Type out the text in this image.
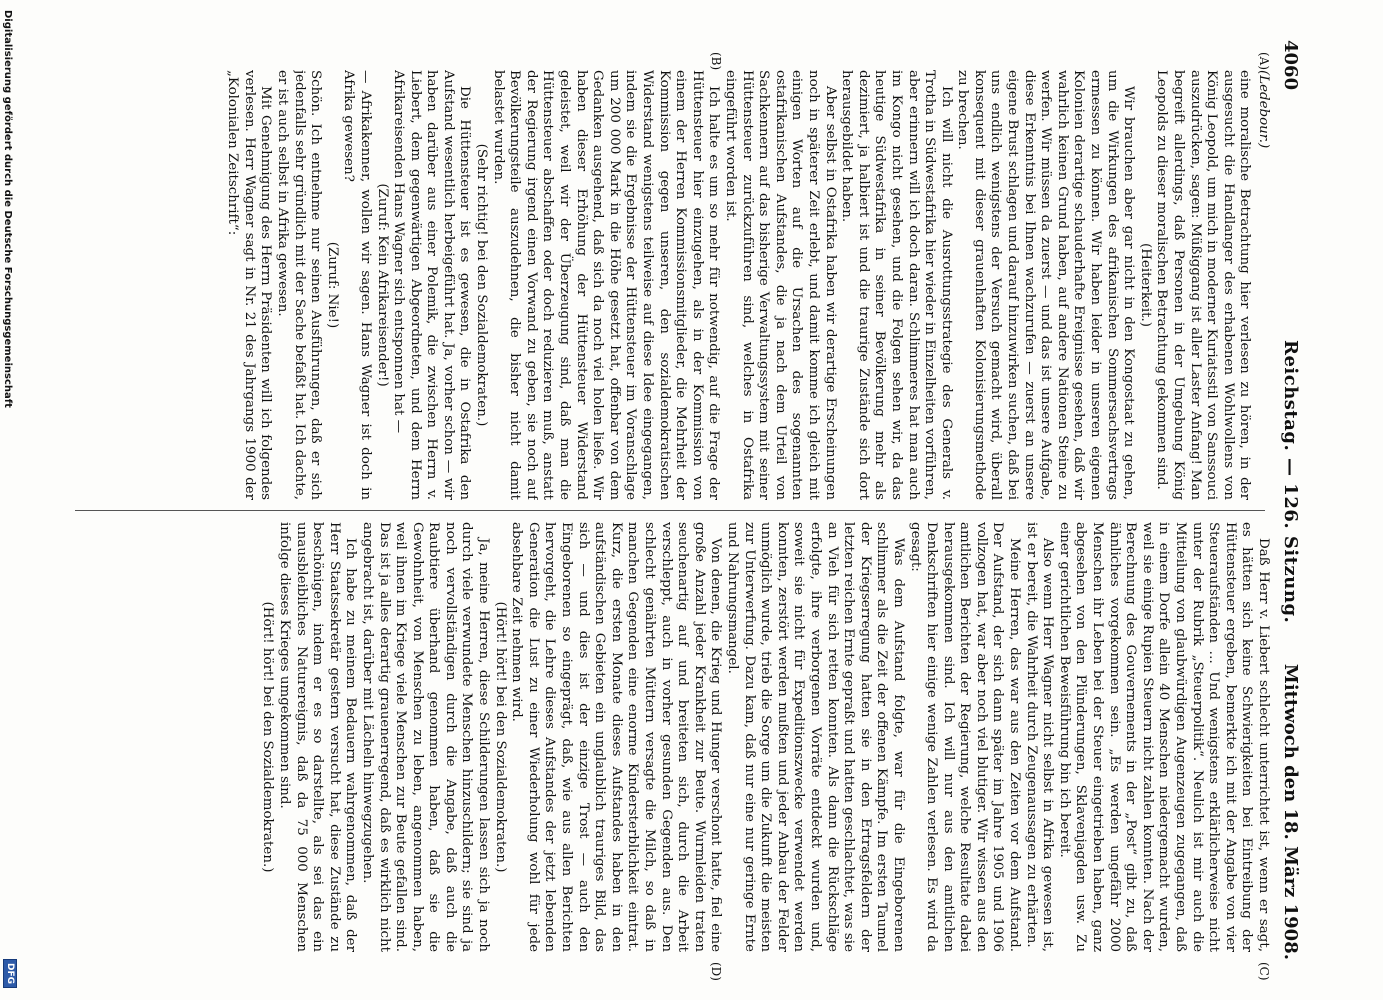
4060
Reichstag. — 126. Sitzung.
Mittwoch den 18. März 1908.
(A)
(B)
(C)
(D)

(Ledebour.)

eine moralische Betrachtung hier verlesen zu hören, in der ausgesucht die Handlanger des erhabenen Wohlwollens von König Leopold, um mich in moderner Kuriatsstil von Sanssouci auszudrücken, sagen: Müßiggang ist aller Laster Anfang! Man begreift allerdings, daß Personen in der Umgebung König Leopolds zu dieser moralischen Betrachtung gekommen sind.

(Heiterkeit.)

Wir brauchen aber gar nicht in den Kongostaat zu gehen, um die Wirkungen des afrikanischen Sommersachsvertrags ermessen zu können. Wir haben leider in unseren eigenen Kolonien derartige schauderhafte Ereignisse gesehen, daß wir wahrlich keinen Grund haben, auf andere Nationen Steine zu werfen. Wir müssen da zuerst — und das ist unsere Aufgabe, diese Erkenntnis bei Ihnen wachzurufen — zuerst an unsere eigene Brust schlagen und darauf hinzuwirken suchen, daß bei uns endlich wenigstens der Versuch gemacht wird, überall konsequent mit dieser grauenhaften Kolonisierungsmethode zu brechen.

Ich will nicht die Ausrottungsstrategie des Generals v. Trotha in Südwestafrika hier wieder in Einzelheiten vorführen, aber erinnern will ich doch daran. Schlimmeres hat man auch im Kongo nicht gesehen, und die Folgen sehen wir, da das heutige Südwestafrika in seiner Bevölkerung mehr als dezimiert, ja halbiert ist und die traurige Zustände sich dort herausgebildet haben.

Aber selbst in Ostafrika haben wir derartige Erscheinungen noch in späterer Zeit erlebt, und damit komme ich gleich mit einigen Worten auf die Ursachen des sogenannten ostafrikanischen Aufstandes, die ja nach dem Urteil von Sachkennern auf das bisherige Verwaltungssystem mit seiner Hüttensteuer zurückzuführen sind, welches in Ostafrika eingeführt worden ist.

Ich halte es um so mehr für notwendig, auf die Frage der Hüttensteuer hier einzugehen, als in der Kommission von einem der Herren Kommissionsmitglieder, die Mehrheit der Kommission gegen unseren, den sozialdemokratischen Widerstand wenigstens teilweise auf diese Idee eingegangen, indem sie die Ergebnisse der Hüttensteuer im Voranschlage um 200 000 Mark in die Höhe gesetzt hat, offenbar von dem Gedanken ausgehend, daß sich da noch viel holen ließe. Wir haben dieser Erhöhung der Hüttensteuer Widerstand geleistet, weil wir der Überzeugung sind, daß man die Hüttensteuer abschaffen oder doch reduzieren muß, anstatt der Regierung irgend einen Vorwand zu geben, sie noch auf Bevölkerungsteile auszudehnen, die bisher nicht damit belastet wurden.

(Sehr richtig! bei den Sozialdemokraten.)

Die Hüttensteuer ist es gewesen, die in Ostafrika den Aufstand wesentlich herbeigeführt hat. Ja, vorher schon — wir haben darüber aus einer Polemik, die zwischen Herrn v. Liebert, dem gegenwärtigen Abgeordneten, und dem Herrn Afrikareisenden Hans Wagner sich entsponnen hat —

(Zuruf: Kein Afrikareisender!)

— Afrikakenner, wollen wir sagen. Hans Wagner ist doch in Afrika gewesen?

(Zuruf: Nie!)

Schön. Ich entnehme nur seinen Ausführungen, daß er sich jedenfalls sehr gründlich mit der Sache befaßt hat. Ich dachte, er ist auch selbst in Afrika gewesen.

Mit Genehmigung des Herrn Präsidenten will ich folgendes verlesen. Herr Wagner sagt in Nr. 21 des Jahrgangs 1900 der „Kolonialen Zeitschrift“:

Daß Herr v. Liebert schlecht unterrichtet ist, wenn er sagt, es hätten sich keine Schwierigkeiten bei Eintreibung der Hüttensteuer ergeben, bemerkte ich mit der Angabe von vier Steueraufständen … Und wenigstens erklärlicherweise nicht unter der Rubrik „Steuerpolitik“. Neulich ist mir auch die Mitteilung von glaubwürdigen Augenzeugen zugegangen, daß in einem Dorfe allein 40 Menschen niedergemacht wurden, weil sie einige Rupien Steuern nicht zahlen konnten. Nach der Berechnung des Gouvernements in der „Post“ gibt zu, daß ähnliches vorgekommen sein. „Es werden ungefähr 2000 Menschen ihr Leben bei der Steuer eingetrieben haben, ganz abgesehen von den Plünderungen, Sklavenjagden usw. Zu einer gerichtlichen Beweisführung bin ich bereit.

Also wenn Herr Wagner nicht selbst in Afrika gewesen ist, ist er bereit, die Wahrheit durch Zeugenaussagen zu erhärten.

Meine Herren, das war aus den Zeiten vor dem Aufstand. Der Aufstand, der sich dann später im Jahre 1905 und 1906 vollzogen hat, war aber noch viel blutiger. Wir wissen aus den amtlichen Berichten der Regierung, welche Resultate dabei herausgekommen sind. Ich will nur aus den amtlichen Denkschriften hier einige wenige Zahlen verlesen. Es wird da gesagt:

Was dem Aufstand folgte, war für die Eingeborenen schlimmer als die Zeit der offenen Kämpfe. Im ersten Taumel der Kriegserregung hatten sie in den Ertragsfeldern der letzten reichen Ernte gepraßt und hatten geschlachtet, was sie an Vieh für sich retten konnten. Als dann die Rückschläge erfolgte, ihre verborgenen Vorräte entdeckt wurden und, soweit sie nicht für Expeditionszwecke verwendet werden konnten, zerstört werden mußten und jeder Anbau der Felder unmöglich wurde, trieb die Sorge um die Zukunft die meisten zur Unterwerfung. Dazu kam, daß nur eine nur geringe Ernte und Nahrungsmangel.

Von denen, die Krieg und Hunger verschont hatte, fiel eine große Anzahl jeder Krankheit zur Beute. Wurmleiden traten seuchenartig auf und breiteten sich, durch die Arbeit verschleppt, auch in vorher gesunden Gegenden aus. Den schlecht genährten Müttern versagte die Milch, so daß in manchen Gegenden eine enorme Kindersterblichkeit eintrat. Kurz, die ersten Monate dieses Aufstandes haben in den aufständischen Gebieten ein unglaublich trauriges Bild, das sich — und dies ist der einzige Trost — auch den Eingeborenen so eingeprägt, daß, wie aus allen Berichten hervorgeht, die Lehre dieses Aufstandes der jetzt lebenden Generation die Lust zu einer Wiederholung wohl für jede absehbare Zeit nehmen wird.

(Hört! hört! bei den Sozialdemokraten.)

Ja, meine Herren, diese Schilderungen lassen sich ja noch durch viele verwundete Menschen hinzuschildern; sie sind ja noch vervollständigen durch die Angabe, daß auch die Raubtiere überhand genommen haben, daß sie die Gewohnheit, von Menschen zu leben, angenommen haben, weil ihnen im Kriege viele Menschen zur Beute gefallen sind. Das ist ja alles derartig grauenerregend, daß es wirklich nicht angebracht ist, darüber mit Lächeln hinwegzugehen.

Ich habe zu meinem Bedauern wahrgenommen, daß der Herr Staatssekretär gestern versucht hat, diese Zustände zu beschönigen, indem er es so darstellte, als sei das ein unausbleibliches Naturereignis, daß da 75 000 Menschen infolge dieses Krieges umgekommen sind.

(Hört! hört! bei den Sozialdemokraten.)

Digitalisierung gefördert durch die Deutsche Forschungsgemeinschaft
DFG
